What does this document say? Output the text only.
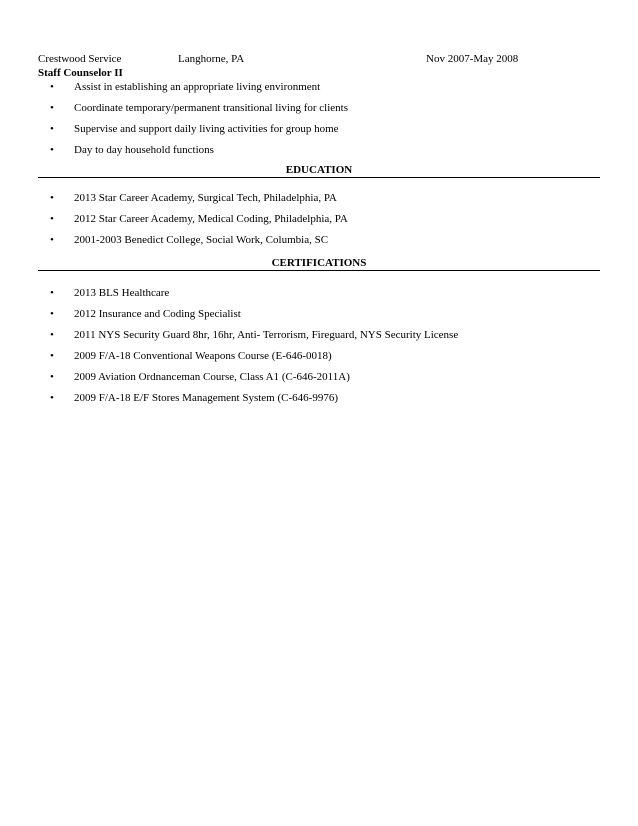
Crestwood Service	Langhorne, PA	Nov 2007-May 2008
Staff Counselor II
• Assist in establishing an appropriate living environment
• Coordinate temporary/permanent transitional living for clients
• Supervise and support daily living activities for group home
• Day to day household functions
EDUCATION
• 2013 Star Career Academy, Surgical Tech, Philadelphia, PA
• 2012 Star Career Academy, Medical Coding, Philadelphia, PA
• 2001-2003 Benedict College, Social Work, Columbia, SC
CERTIFICATIONS
• 2013 BLS Healthcare
• 2012 Insurance and Coding Specialist
• 2011 NYS Security Guard 8hr, 16hr, Anti- Terrorism, Fireguard, NYS Security License
• 2009 F/A-18 Conventional Weapons Course (E-646-0018)
• 2009 Aviation Ordnanceman Course, Class A1 (C-646-2011A)
• 2009 F/A-18 E/F Stores Management System (C-646-9976)
